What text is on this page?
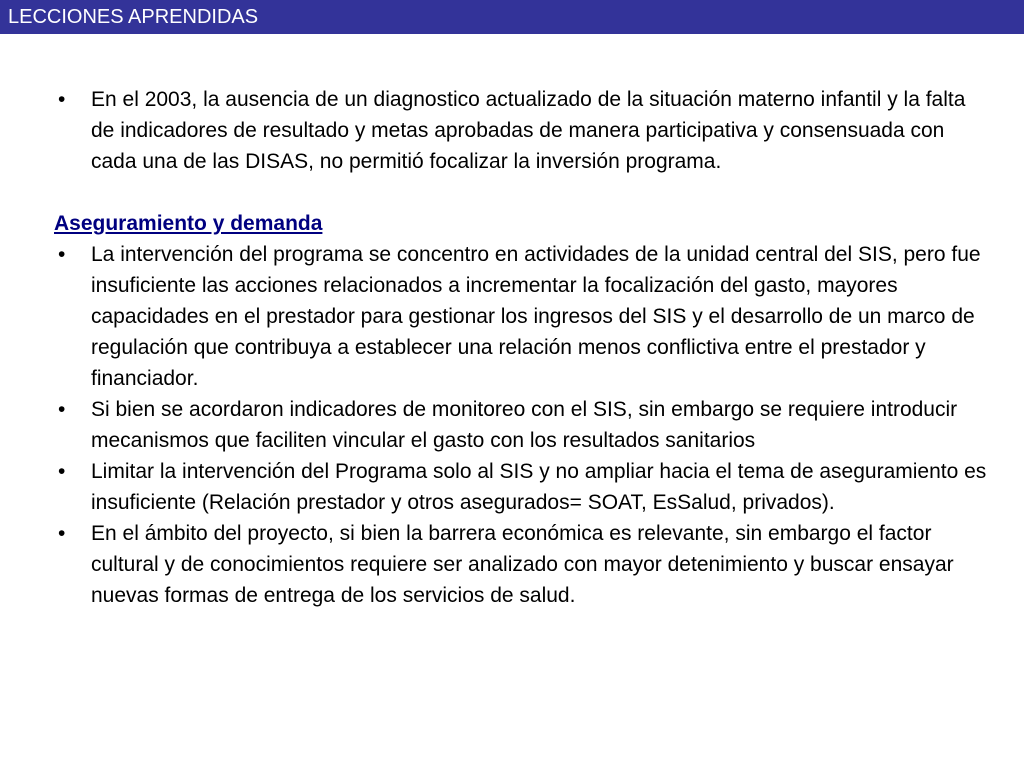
LECCIONES APRENDIDAS
•	En el 2003, la ausencia de un diagnostico actualizado de la situación materno infantil y la falta de indicadores de resultado y metas aprobadas de manera participativa y consensuada con cada una de las DISAS, no permitió focalizar la inversión programa.
Aseguramiento y demanda
•	La intervención del programa se concentro en actividades de la unidad central del SIS, pero fue insuficiente las acciones relacionados a incrementar la focalización del gasto, mayores capacidades en el prestador para gestionar los ingresos del SIS y el desarrollo de un marco de regulación que contribuya a establecer una relación menos conflictiva entre el prestador y financiador.
•	Si bien se acordaron indicadores de monitoreo con el SIS, sin embargo se requiere introducir mecanismos que faciliten vincular el gasto con los resultados sanitarios
•	Limitar la intervención del Programa solo al SIS y no ampliar hacia el tema de aseguramiento es insuficiente (Relación prestador y otros asegurados= SOAT, EsSalud, privados).
•	En el ámbito del proyecto, si bien la barrera económica es relevante, sin embargo el factor cultural y de conocimientos requiere ser analizado con mayor detenimiento y buscar ensayar nuevas formas de entrega de los servicios de salud.
